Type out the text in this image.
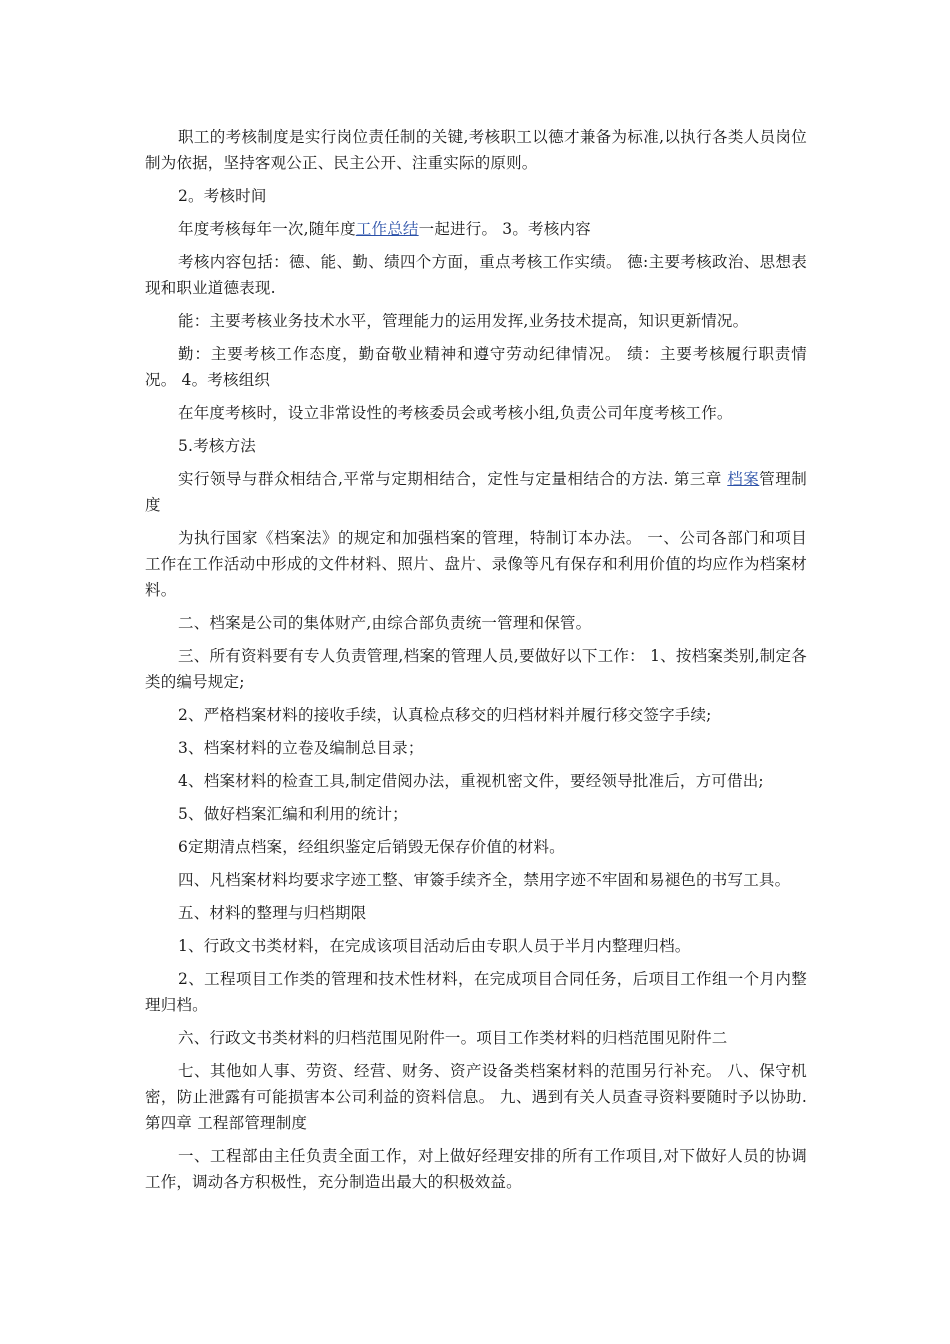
职工的考核制度是实行岗位责任制的关键,考核职工以德才兼备为标准,以执行各类人员岗位制为依据，坚持客观公正、民主公开、注重实际的原则。

2。考核时间

年度考核每年一次,随年度工作总结一起进行。 3。考核内容

考核内容包括：德、能、勤、绩四个方面，重点考核工作实绩。 德:主要考核政治、思想表现和职业道德表现.

能：主要考核业务技术水平，管理能力的运用发挥,业务技术提高，知识更新情况。

勤：主要考核工作态度，勤奋敬业精神和遵守劳动纪律情况。 绩：主要考核履行职责情况。 4。考核组织

在年度考核时，设立非常设性的考核委员会或考核小组,负责公司年度考核工作。

5.考核方法

实行领导与群众相结合,平常与定期相结合，定性与定量相结合的方法. 第三章 档案管理制度

为执行国家《档案法》的规定和加强档案的管理，特制订本办法。 一、公司各部门和项目工作在工作活动中形成的文件材料、照片、盘片、录像等凡有保存和利用价值的均应作为档案材料。

二、档案是公司的集体财产,由综合部负责统一管理和保管。

三、所有资料要有专人负责管理,档案的管理人员,要做好以下工作： 1、按档案类别,制定各类的编号规定;

2、严格档案材料的接收手续，认真检点移交的归档材料并履行移交签字手续;

3、档案材料的立卷及编制总目录；

4、档案材料的检查工具,制定借阅办法，重视机密文件，要经领导批准后，方可借出;

5、做好档案汇编和利用的统计；

6定期清点档案，经组织鉴定后销毁无保存价值的材料。

四、凡档案材料均要求字迹工整、审簽手续齐全，禁用字迹不牢固和易褪色的书写工具。

五、材料的整理与归档期限

1、行政文书类材料，在完成该项目活动后由专职人员于半月内整理归档。

2、工程项目工作类的管理和技术性材料，在完成项目合同任务，后项目工作组一个月内整理归档。

六、行政文书类材料的归档范围见附件一。项目工作类材料的归档范围见附件二

七、其他如人事、劳资、经营、财务、资产设备类档案材料的范围另行补充。 八、保守机密，防止泄露有可能损害本公司利益的资料信息。 九、遇到有关人员查寻资料要随时予以协助. 第四章 工程部管理制度

一、工程部由主任负责全面工作，对上做好经理安排的所有工作项目,对下做好人员的协调工作，调动各方积极性，充分制造出最大的积极效益。
